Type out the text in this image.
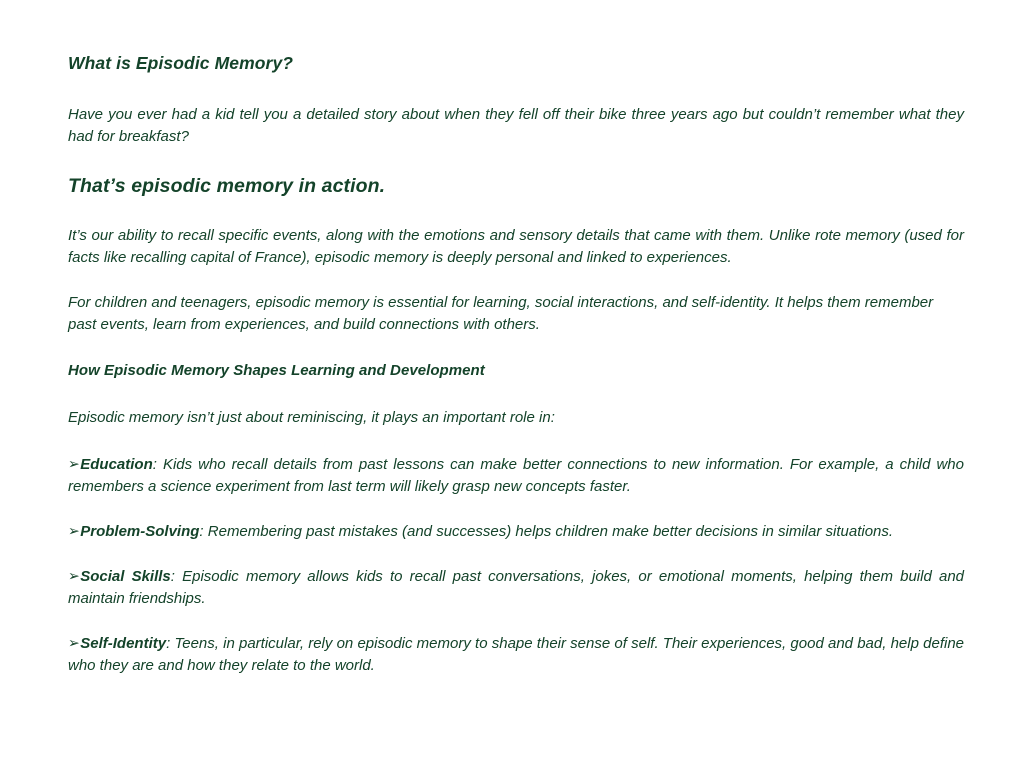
What is Episodic Memory?

Have you ever had a kid tell you a detailed story about when they fell off their bike three years ago but couldn’t remember what they had for breakfast?

That’s episodic memory in action.

It’s our ability to recall specific events, along with the emotions and sensory details that came with them. Unlike rote memory (used for facts like recalling capital of France), episodic memory is deeply personal and linked to experiences.

For children and teenagers, episodic memory is essential for learning, social interactions, and self-identity. It helps them remember past events, learn from experiences, and build connections with others.

How Episodic Memory Shapes Learning and Development

Episodic memory isn’t just about reminiscing, it plays an important role in:

➢Education: Kids who recall details from past lessons can make better connections to new information. For example, a child who remembers a science experiment from last term will likely grasp new concepts faster.

➢Problem-Solving: Remembering past mistakes (and successes) helps children make better decisions in similar situations.

➢Social Skills: Episodic memory allows kids to recall past conversations, jokes, or emotional moments, helping them build and maintain friendships.

➢Self-Identity: Teens, in particular, rely on episodic memory to shape their sense of self. Their experiences, good and bad, help define who they are and how they relate to the world.
